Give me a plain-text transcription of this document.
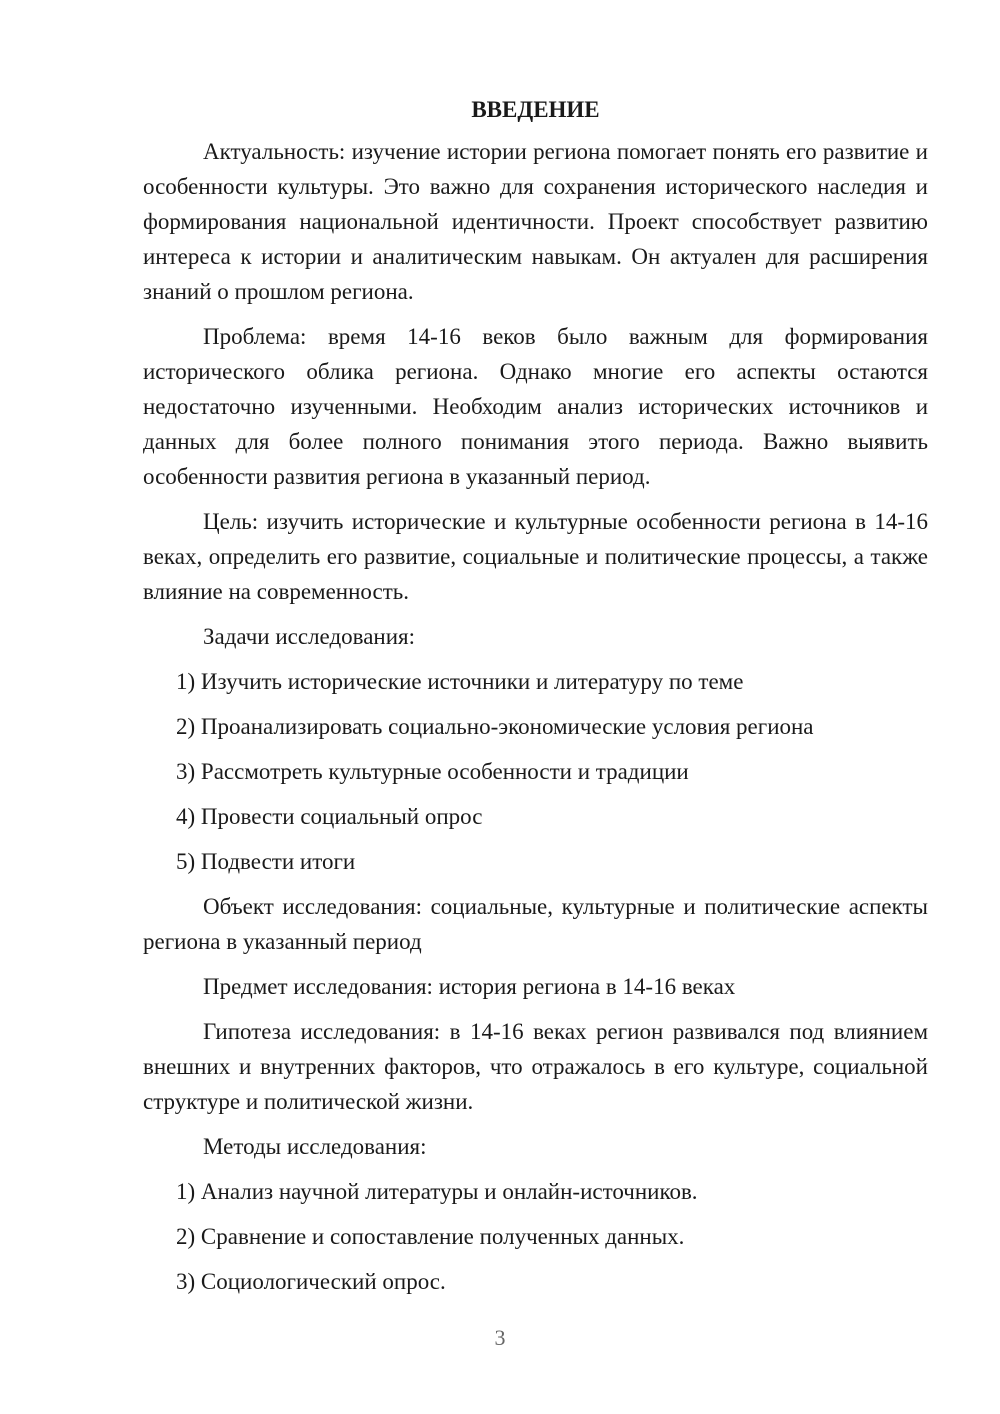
ВВЕДЕНИЕ

Актуальность: изучение истории региона помогает понять его развитие и особенности культуры. Это важно для сохранения исторического наследия и формирования национальной идентичности. Проект способствует развитию интереса к истории и аналитическим навыкам. Он актуален для расширения знаний о прошлом региона.

Проблема: время 14-16 веков было важным для формирования исторического облика региона. Однако многие его аспекты остаются недостаточно изученными. Необходим анализ исторических источников и данных для более полного понимания этого периода. Важно выявить особенности развития региона в указанный период.

Цель: изучить исторические и культурные особенности региона в 14-16 веках, определить его развитие, социальные и политические процессы, а также влияние на современность.

Задачи исследования:

1) Изучить исторические источники и литературу по теме
2) Проанализировать социально-экономические условия региона
3) Рассмотреть культурные особенности и традиции
4) Провести социальный опрос
5) Подвести итоги

Объект исследования: социальные, культурные и политические аспекты региона в указанный период

Предмет исследования: история региона в 14-16 веках

Гипотеза исследования: в 14-16 веках регион развивался под влиянием внешних и внутренних факторов, что отражалось в его культуре, социальной структуре и политической жизни.

Методы исследования:

1) Анализ научной литературы и онлайн-источников.
2) Сравнение и сопоставление полученных данных.
3) Социологический опрос.
3
